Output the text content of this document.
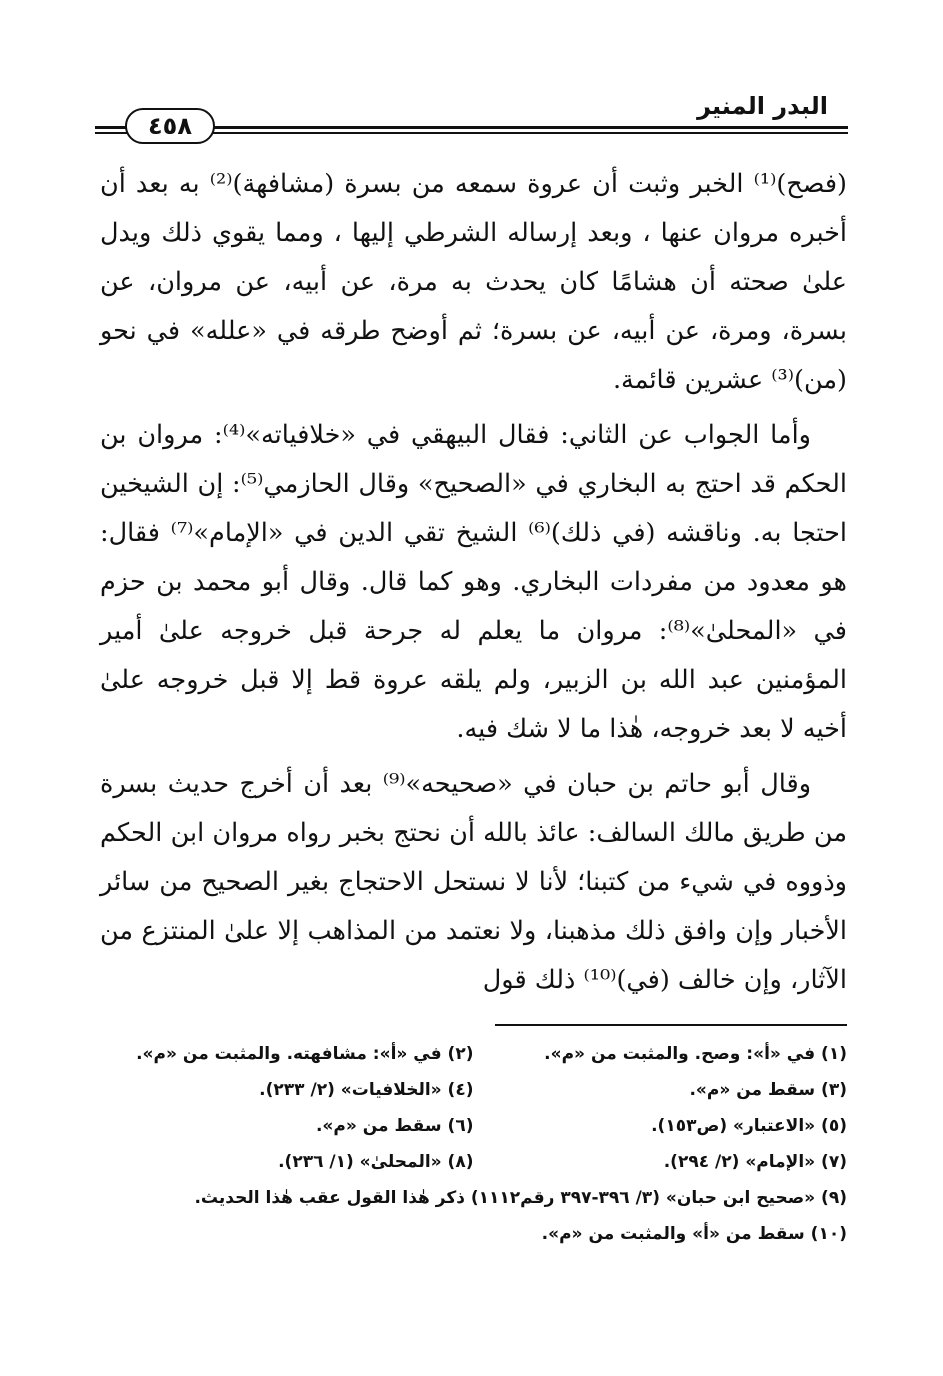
البدر المنير
٤٥٨

(فصح)⁽¹⁾ الخبر وثبت أن عروة سمعه من بسرة (مشافهة)⁽²⁾ به بعد أن أخبره مروان عنها ، وبعد إرساله الشرطي إليها ، ومما يقوي ذلك ويدل علىٰ صحته أن هشامًا كان يحدث به مرة، عن أبيه، عن مروان، عن بسرة، ومرة، عن أبيه، عن بسرة؛ ثم أوضح طرقه في «علله» في نحو (من)⁽³⁾ عشرين قائمة.

وأما الجواب عن الثاني: فقال البيهقي في «خلافياته»⁽⁴⁾: مروان بن الحكم قد احتج به البخاري في «الصحيح» وقال الحازمي⁽⁵⁾: إن الشيخين احتجا به. وناقشه (في ذلك)⁽⁶⁾ الشيخ تقي الدين في «الإمام»⁽⁷⁾ فقال: هو معدود من مفردات البخاري. وهو كما قال. وقال أبو محمد بن حزم في «المحلىٰ»⁽⁸⁾: مروان ما يعلم له جرحة قبل خروجه علىٰ أمير المؤمنين عبد الله بن الزبير، ولم يلقه عروة قط إلا قبل خروجه علىٰ أخيه لا بعد خروجه، هٰذا ما لا شك فيه.

وقال أبو حاتم بن حبان في «صحيحه»⁽⁹⁾ بعد أن أخرج حديث بسرة من طريق مالك السالف: عائذ بالله أن نحتج بخبر رواه مروان ابن الحكم وذووه في شيء من كتبنا؛ لأنا لا نستحل الاحتجاج بغير الصحيح من سائر الأخبار وإن وافق ذلك مذهبنا، ولا نعتمد من المذاهب إلا علىٰ المنتزع من الآثار، وإن خالف (في)⁽¹⁰⁾ ذلك قول

(١) في «أ»: وصح. والمثبت من «م».
(٢) في «أ»: مشافهته. والمثبت من «م».
(٣) سقط من «م».
(٤) «الخلافيات» (٢/ ٢٣٣).
(٥) «الاعتبار» (ص١٥٣).
(٦) سقط من «م».
(٧) «الإمام» (٢/ ٢٩٤).
(٨) «المحلىٰ» (١/ ٢٣٦).
(٩) «صحيح ابن حبان» (٣/ ٣٩٦-٣٩٧ رقم١١١٢) ذكر هٰذا القول عقب هٰذا الحديث.
(١٠) سقط من «أ» والمثبت من «م».
